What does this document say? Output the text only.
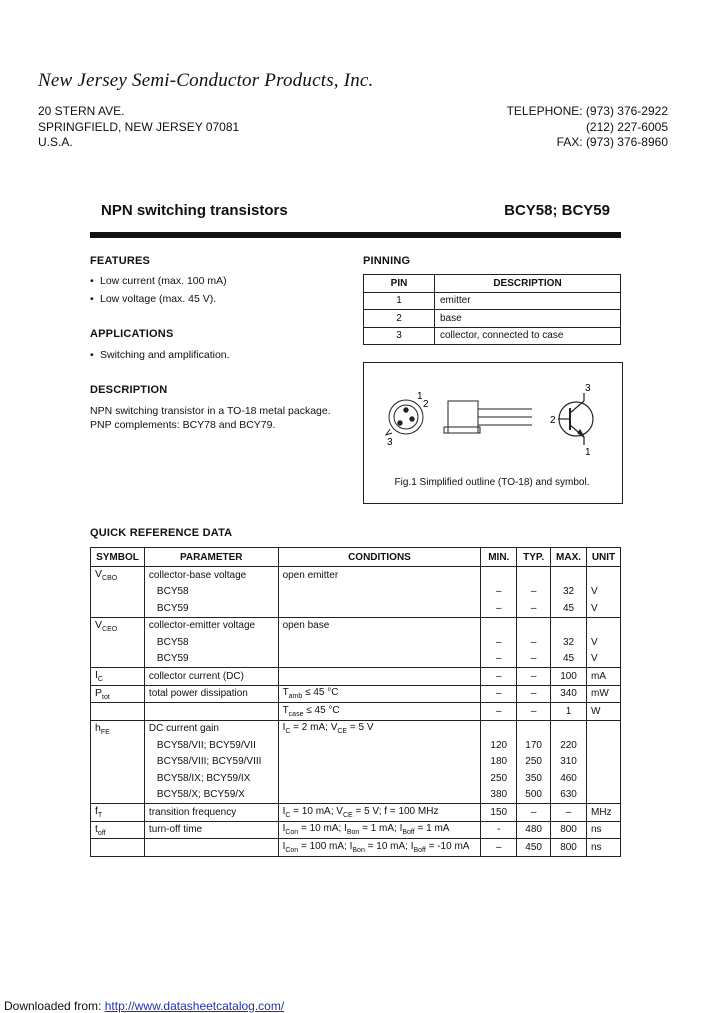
New Jersey Semi-Conductor Products, Inc.
20 STERN AVE.
SPRINGFIELD, NEW JERSEY 07081
U.S.A.
TELEPHONE: (973) 376-2922
(212) 227-6005
FAX: (973) 376-8960
NPN switching transistors	BCY58; BCY59
FEATURES
• Low current (max. 100 mA)
• Low voltage (max. 45 V).
APPLICATIONS
• Switching and amplification.
DESCRIPTION
NPN switching transistor in a TO-18 metal package.
PNP complements: BCY78 and BCY79.
PINNING
PIN	DESCRIPTION
1	emitter
2	base
3	collector, connected to case
1
2
3
3
2
1
Fig.1 Simplified outline (TO-18) and symbol.
QUICK REFERENCE DATA
SYMBOL	PARAMETER	CONDITIONS	MIN.	TYP.	MAX.	UNIT
$V_{CBO}$	collector-base voltage	open emitter				
	BCY58		–	–	32	V
	BCY59		–	–	45	V
$V_{CEO}$	collector-emitter voltage	open base				
	BCY58		–	–	32	V
	BCY59		–	–	45	V
$I_C$	collector current (DC)		–	–	100	mA
$P_{tot}$	total power dissipation	$T_{amb} \le 45$ °C	–	–	340	mW
		$T_{case} \le 45$ °C	–	–	1	W
$h_{FE}$	DC current gain	$I_C = 2$ mA; $V_{CE} = 5$ V				
	BCY58/VII; BCY59/VII		120	170	220	
	BCY58/VIII; BCY59/VIII		180	250	310	
	BCY58/IX; BCY59/IX		250	350	460	
	BCY58/X; BCY59/X		380	500	630	
$f_T$	transition frequency	$I_C = 10$ mA; $V_{CE} = 5$ V; f = 100 MHz	150	–	–	MHz
$t_{off}$	turn-off time	$I_{Con} = 10$ mA; $I_{Bon} = 1$ mA; $I_{Boff} = 1$ mA	-	480	800	ns
		$I_{Con} = 100$ mA; $I_{Bon} = 10$ mA; $I_{Boff} = -10$ mA	–	450	800	ns
Downloaded from: http://www.datasheetcatalog.com/
